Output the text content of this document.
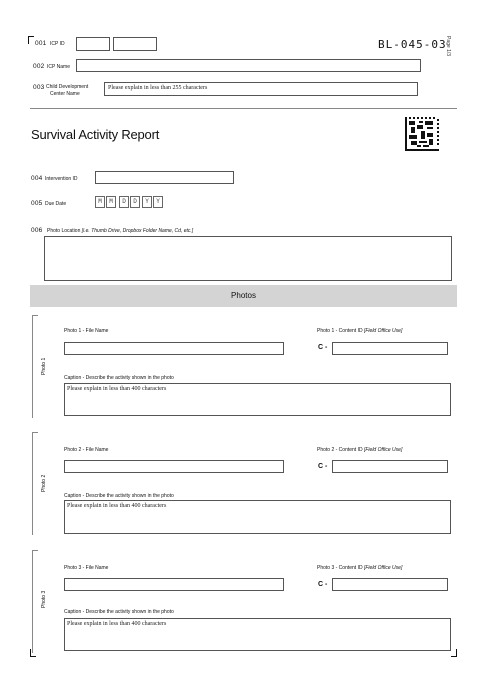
001 ICP ID	BL-045-03
Page 1/3
002 ICP Name
003 Child Development
Center Name
Please explain in less than 255 characters
Survival Activity Report
004 Intervention ID
005 Due Date	M	M	D	D	Y	Y
006 Photo Location [i.e. Thumb Drive, Dropbox Folder Name, Cd, etc.]
Photos
Photo 1
Photo 1 - File Name	Photo 1 - Content ID [Field Office Use]
C -
Caption - Describe the activity shown in the photo
Please explain in less than 400 characters
Photo 2
Photo 2 - File Name	Photo 2 - Content ID [Field Office Use]
C -
Caption - Describe the activity shown in the photo
Please explain in less than 400 characters
Photo 3
Photo 3 - File Name	Photo 3 - Content ID [Field Office Use]
C -
Caption - Describe the activity shown in the photo
Please explain in less than 400 characters
